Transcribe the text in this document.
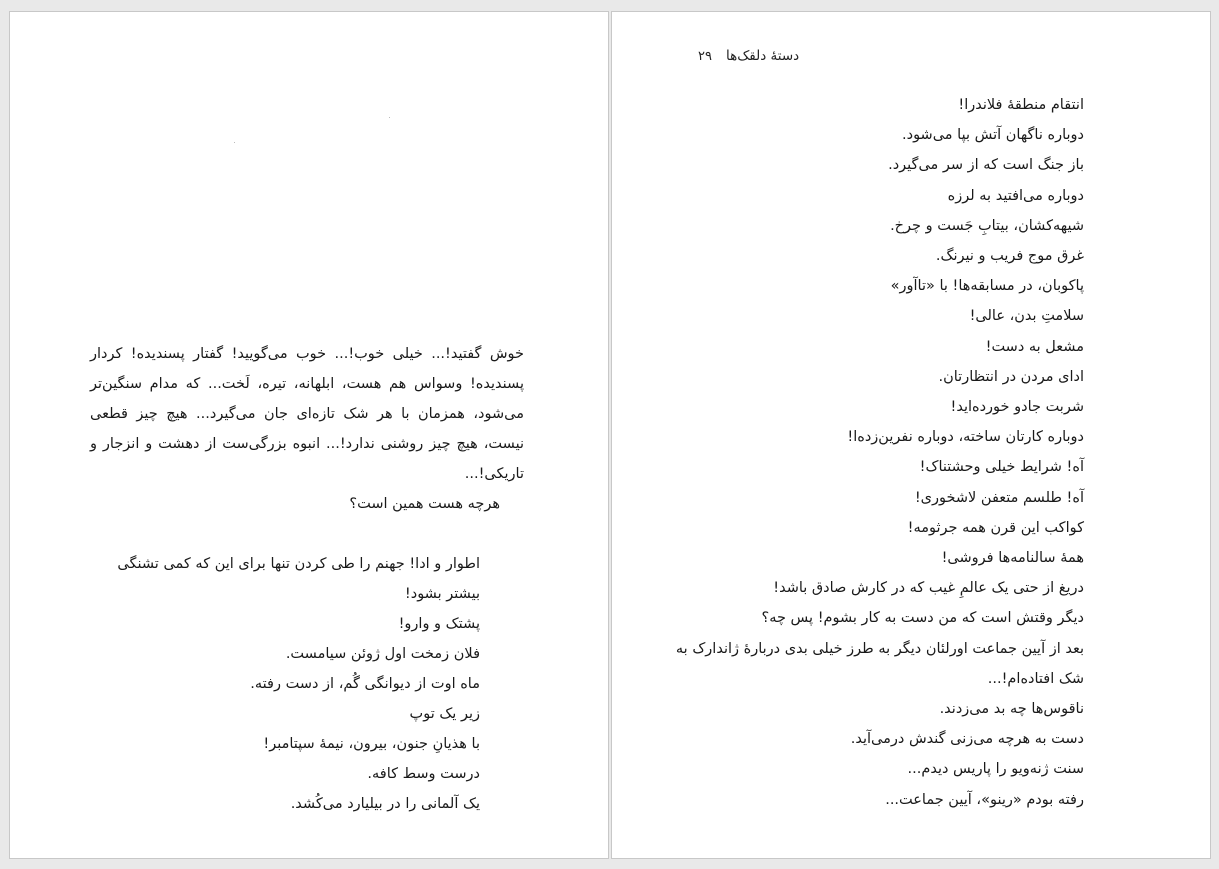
خوش گفتید!... خیلی خوب!... خوب می‌گویید! گفتار پسندیده! کردار پسندیده! وسواس هم هست، ابلهانه، تیره، لَخت... که مدام سنگین‌تر می‌شود، همزمان با هر شک تازه‌ای جان می‌گیرد... هیچ چیز قطعی نیست، هیچ چیز روشنی ندارد!... انبوه بزرگی‌ست از دهشت و انزجار و تاریکی!...
هرچه هست همین است؟
اطوار و ادا! جهنم را طی کردن تنها برای این که کمی تشنگی بیشتر بشود!
پشتک و وارو!
فلان زمخت اول ژوئن سیامست.
ماه اوت از دیوانگی گُم، از دست رفته.
زیر یک توپ
با هذیانِ جنون، بیرون، نیمهٔ سپتامبر!
درست وسط کافه.
یک آلمانی را در بیلیارد می‌کُشد.
دستهٔ دلقک‌ها۲۹
انتقام منطقهٔ فلاندرا!
دوباره ناگهان آتش بپا می‌شود.
باز جنگ است که از سر می‌گیرد.
دوباره می‌افتید به لرزه
شیهه‌کشان، بیتابِ جَست و چرخ.
غرق موج فریب و نیرنگ.
پاکوبان، در مسابقه‌ها! با «تاآور»
سلامتِ بدن، عالی!
مشعل به دست!
ادای مردن در انتظارتان.
شربت جادو خورده‌اید!
دوباره کارتان ساخته، دوباره نفرین‌زده‌ا!
آه! شرایط خیلی وحشتناک!
آه! طلسم متعفن لاشخوری!
کواکب این قرن همه جرثومه!
همهٔ سالنامه‌ها فروشی!
دریغ از حتی یک عالمِ غیب که در کارش صادق باشد!
دیگر وقتش است که من دست به کار بشوم! پس چه؟
بعد از آیین جماعت اورلئان دیگر به طرز خیلی بدی دربارهٔ ژاندارک به شک افتاده‌ام!...
ناقوس‌ها چه بد می‌زدند.
دست به هرچه می‌زنی گندش درمی‌آید.
سنت ژنه‌ویو را پاریس دیدم...
رفته بودم «رینو»، آیین جماعت...
